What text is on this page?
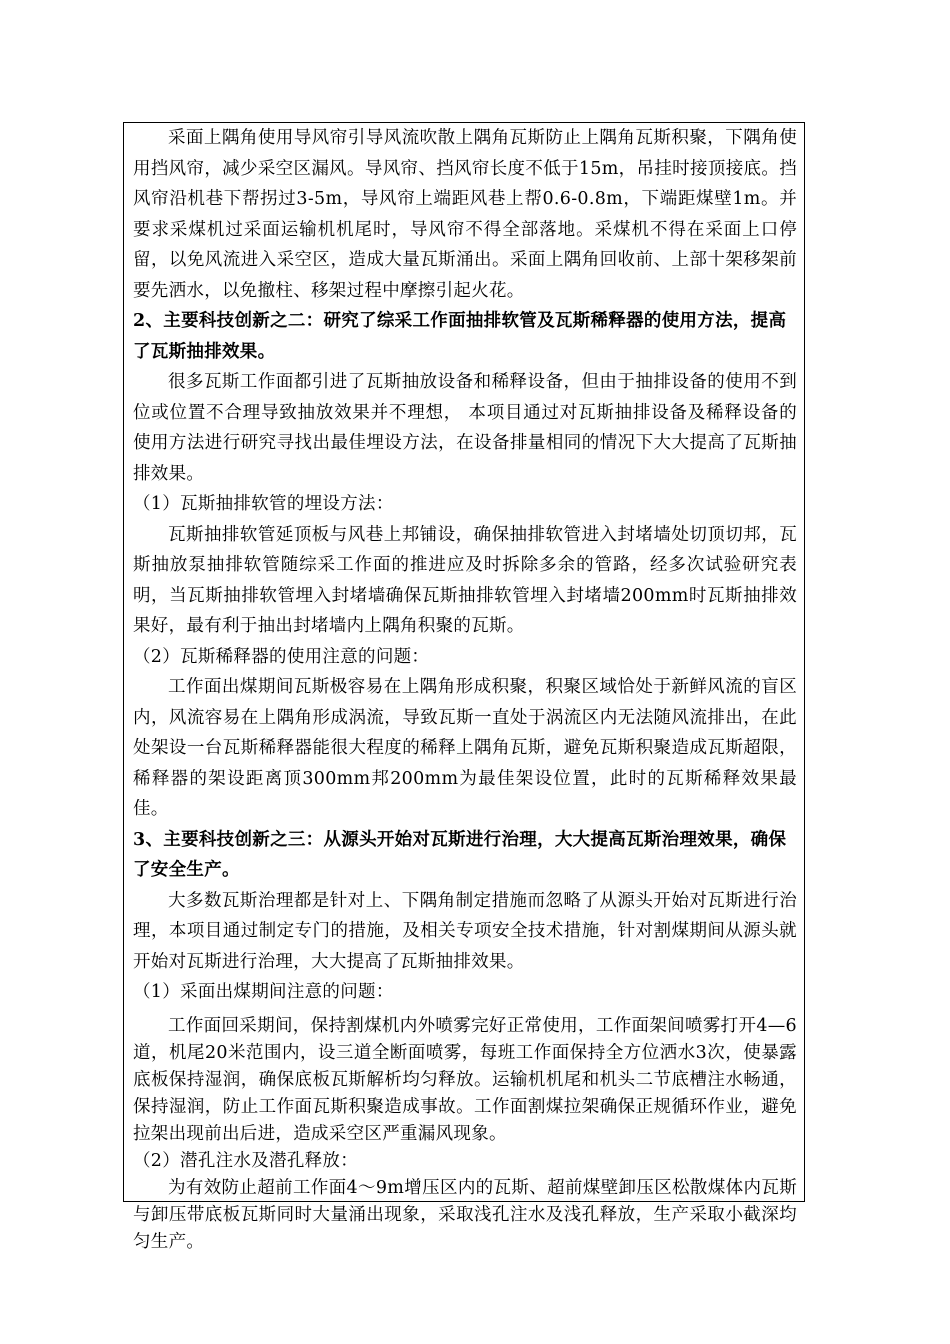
采面上隅角使用导风帘引导风流吹散上隅角瓦斯防止上隅角瓦斯积聚，下隅角使用挡风帘，减少采空区漏风。导风帘、挡风帘长度不低于15m，吊挂时接顶接底。挡风帘沿机巷下帮拐过3-5m，导风帘上端距风巷上帮0.6-0.8m，下端距煤壁1m。并要求采煤机过采面运输机机尾时，导风帘不得全部落地。采煤机不得在采面上口停留，以免风流进入采空区，造成大量瓦斯涌出。采面上隅角回收前、上部十架移架前要先洒水，以免撤柱、移架过程中摩擦引起火花。

2、主要科技创新之二：研究了综采工作面抽排软管及瓦斯稀释器的使用方法，提高了瓦斯抽排效果。

很多瓦斯工作面都引进了瓦斯抽放设备和稀释设备，但由于抽排设备的使用不到位或位置不合理导致抽放效果并不理想， 本项目通过对瓦斯抽排设备及稀释设备的使用方法进行研究寻找出最佳埋设方法，在设备排量相同的情况下大大提高了瓦斯抽排效果。

（1）瓦斯抽排软管的埋设方法：

瓦斯抽排软管延顶板与风巷上邦铺设，确保抽排软管进入封堵墙处切顶切邦，瓦斯抽放泵抽排软管随综采工作面的推进应及时拆除多余的管路，经多次试验研究表明，当瓦斯抽排软管埋入封堵墙确保瓦斯抽排软管埋入封堵墙200mm时瓦斯抽排效果好，最有利于抽出封堵墙内上隅角积聚的瓦斯。

（2）瓦斯稀释器的使用注意的问题：

工作面出煤期间瓦斯极容易在上隅角形成积聚，积聚区域恰处于新鲜风流的盲区内，风流容易在上隅角形成涡流，导致瓦斯一直处于涡流区内无法随风流排出，在此处架设一台瓦斯稀释器能很大程度的稀释上隅角瓦斯，避免瓦斯积聚造成瓦斯超限，稀释器的架设距离顶300mm邦200mm为最佳架设位置，此时的瓦斯稀释效果最佳。

3、主要科技创新之三：从源头开始对瓦斯进行治理，大大提高瓦斯治理效果，确保了安全生产。

大多数瓦斯治理都是针对上、下隅角制定措施而忽略了从源头开始对瓦斯进行治理，本项目通过制定专门的措施，及相关专项安全技术措施，针对割煤期间从源头就开始对瓦斯进行治理，大大提高了瓦斯抽排效果。

（1）采面出煤期间注意的问题：

工作面回采期间，保持割煤机内外喷雾完好正常使用，工作面架间喷雾打开4—6道，机尾20米范围内，设三道全断面喷雾，每班工作面保持全方位洒水3次，使暴露底板保持湿润，确保底板瓦斯解析均匀释放。运输机机尾和机头二节底槽注水畅通，保持湿润，防止工作面瓦斯积聚造成事故。工作面割煤拉架确保正规循环作业，避免拉架出现前出后进，造成采空区严重漏风现象。

（2）潜孔注水及潜孔释放：

为有效防止超前工作面4～9m增压区内的瓦斯、超前煤壁卸压区松散煤体内瓦斯与卸压带底板瓦斯同时大量涌出现象，采取浅孔注水及浅孔释放，生产采取小截深均匀生产。
